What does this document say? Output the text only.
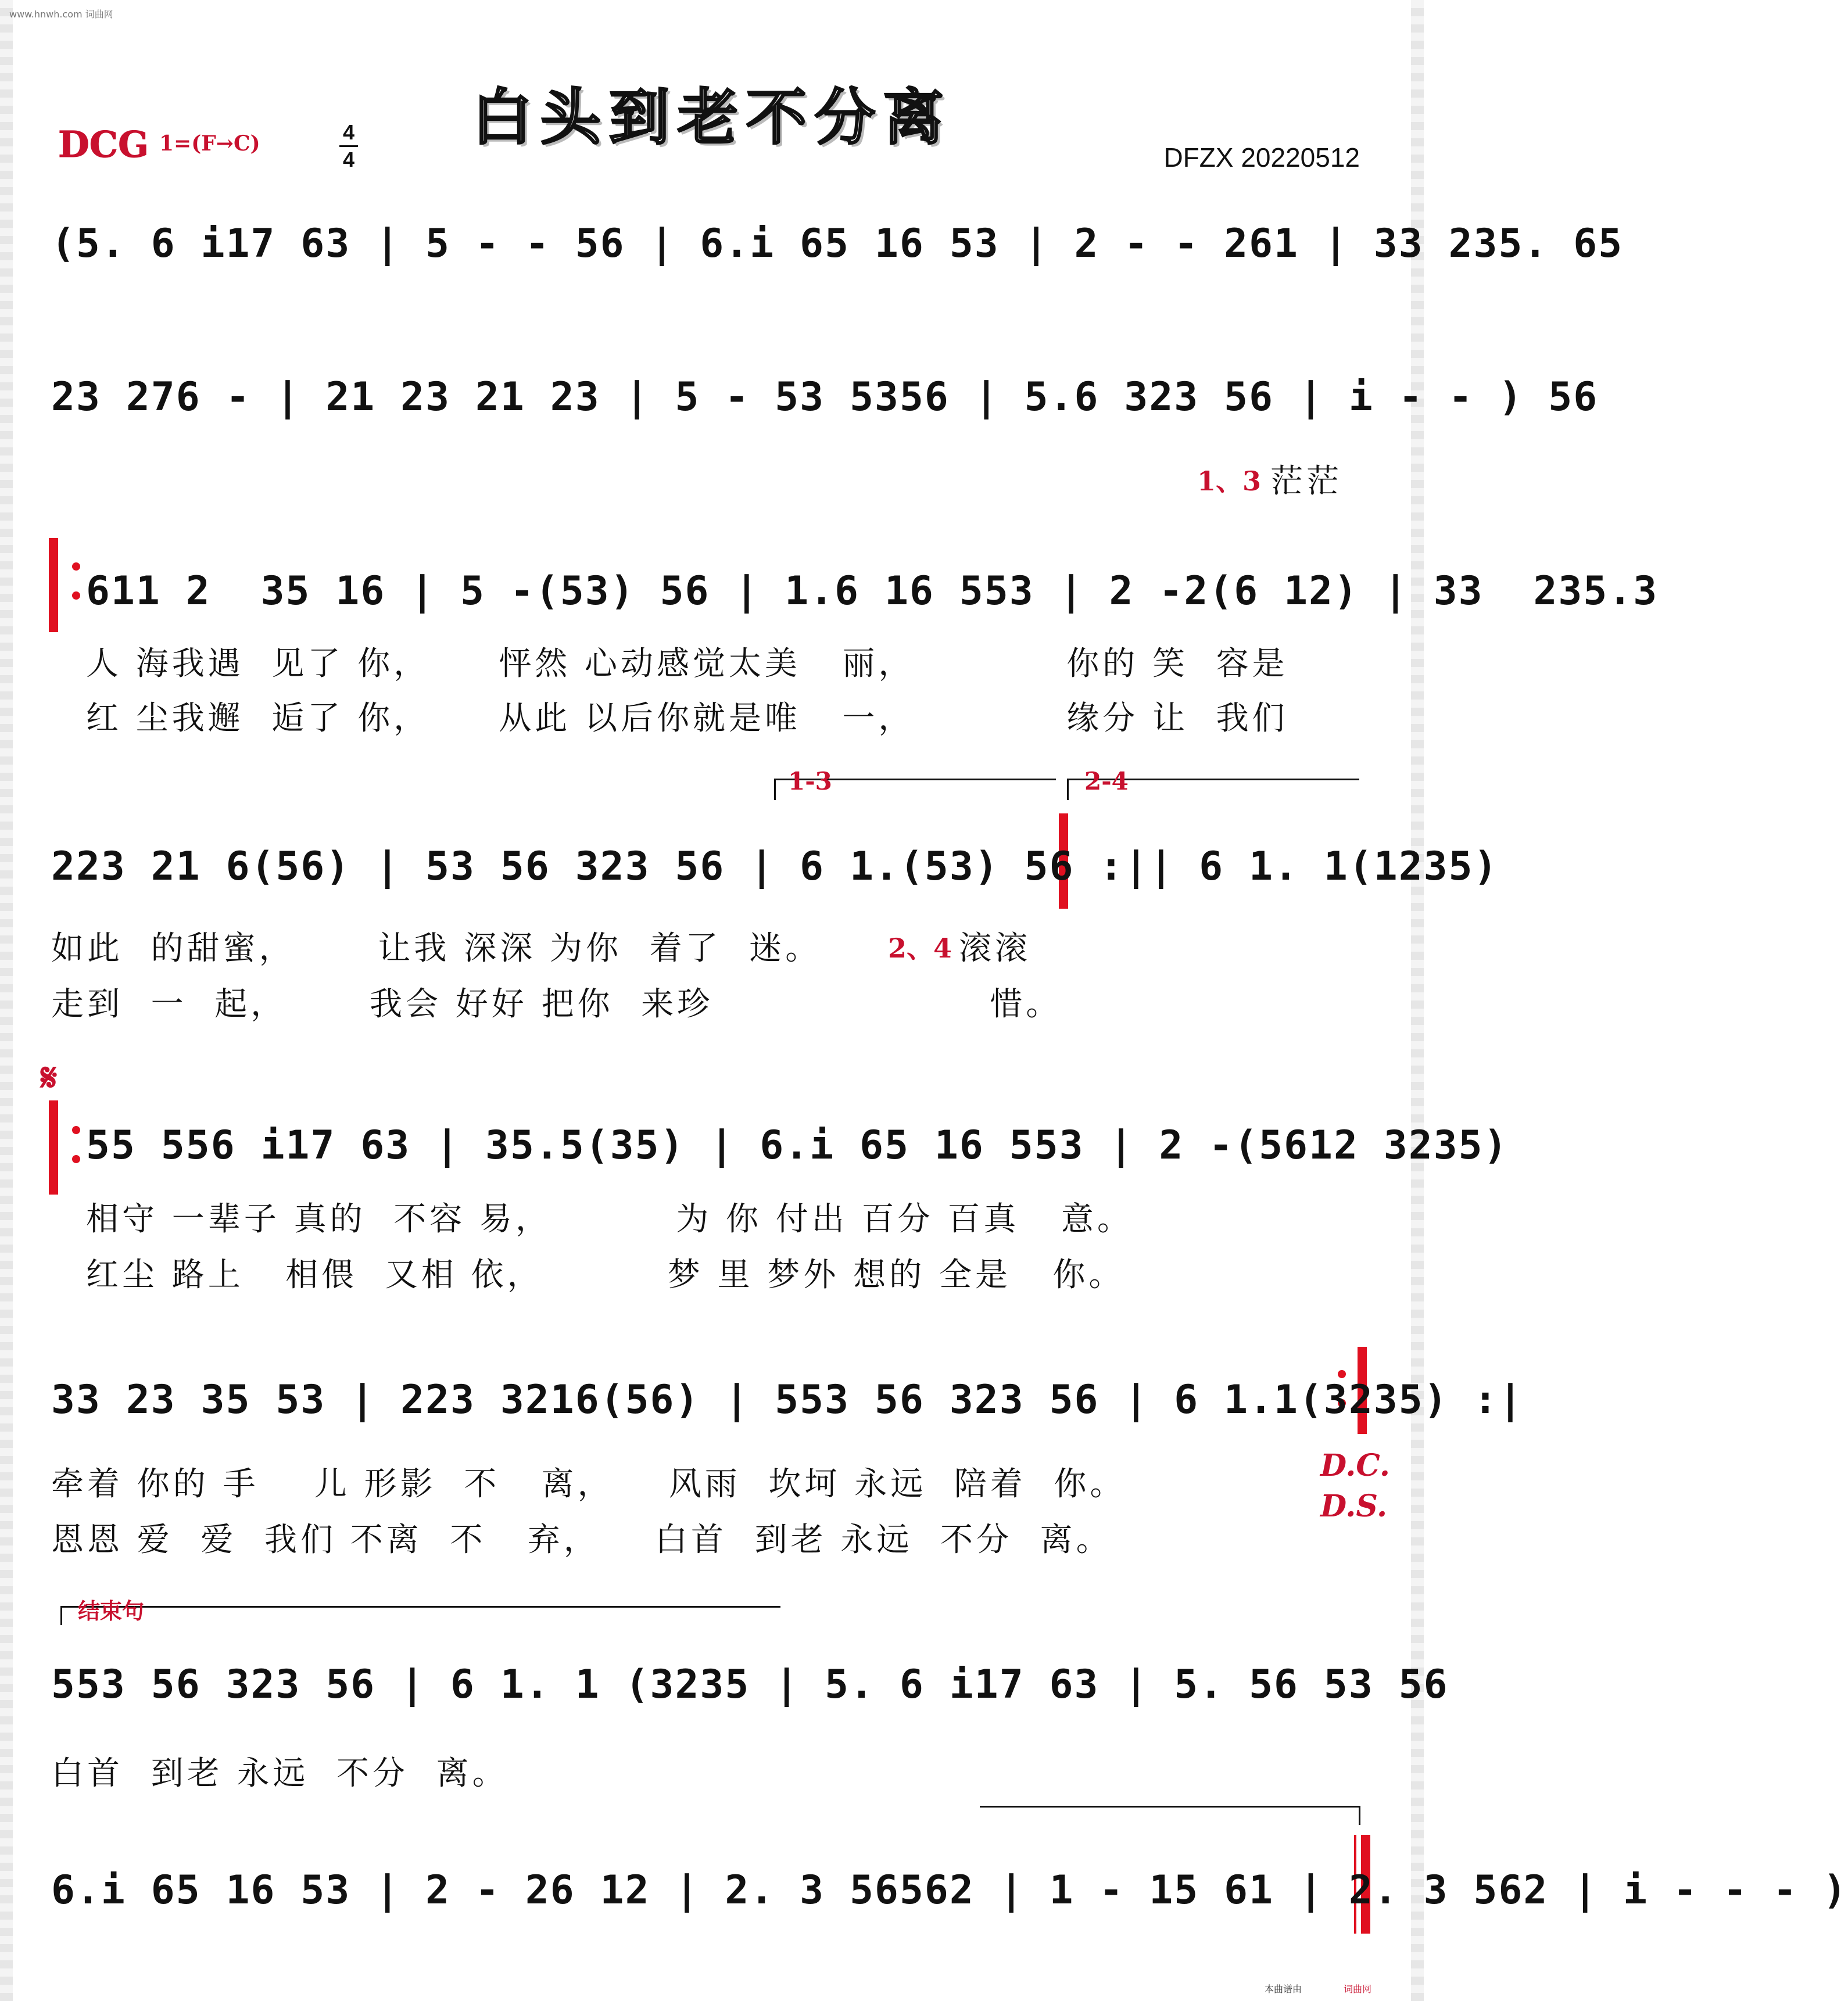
www.hnwh.com 词曲网
白头到老不分离
DCG 1=(F→C)	4
4	DFZX 20220512
(5. 6 i17 63 | 5 - - 56 | 6.i 65 16 53 | 2 - - 261 | 33 235. 65
23 276 - | 21 23 21 23 | 5 - 53 5356 | 5.6 323 56 | i - - ) 56
1、3 茫茫
611 2  35 16 | 5 -(53) 56 | 1.6 16 553 | 2 -2(6 12) | 33  235.3
人 海我遇  见了 你，     怦然 心动感觉太美   丽，           你的 笑  容是
红 尘我邂  逅了 你，     从此 以后你就是唯   一，           缘分 让  我们
1-3	2-4
223 21 6(56) | 53 56 323 56 | 6 1.(53) 56 :|| 6 1. 1(1235)
如此  的甜蜜，      让我 深深 为你  着了  迷。
走到  一  起，      我会 好好 把你  来珍                    惜。
2、4 滚滚
𝄋
55 556 i17 63 | 35.5(35) | 6.i 65 16 553 | 2 -(5612 3235)
相守 一辈子 真的  不容 易，         为 你 付出 百分 百真   意。
红尘 路上   相偎  又相 依，         梦 里 梦外 想的 全是   你。
33 23 35 53 | 223 3216(56) | 553 56 323 56 | 6 1.1(3235) :|
牵着 你的 手    儿 形影  不   离，    风雨  坎坷 永远  陪着  你。
恩恩 爱  爱  我们 不离  不   弃，    白首  到老 永远  不分  离。
D.C.
D.S.
结束句
553 56 323 56 | 6 1. 1 (3235 | 5. 6 i17 63 | 5. 56 53 56
白首  到老 永远  不分  离。
6.i 65 16 53 | 2 - 26 12 | 2. 3 56562 | 1 - 15 61 | 2. 3 562 | i - - - )
本曲谱由	词曲网
